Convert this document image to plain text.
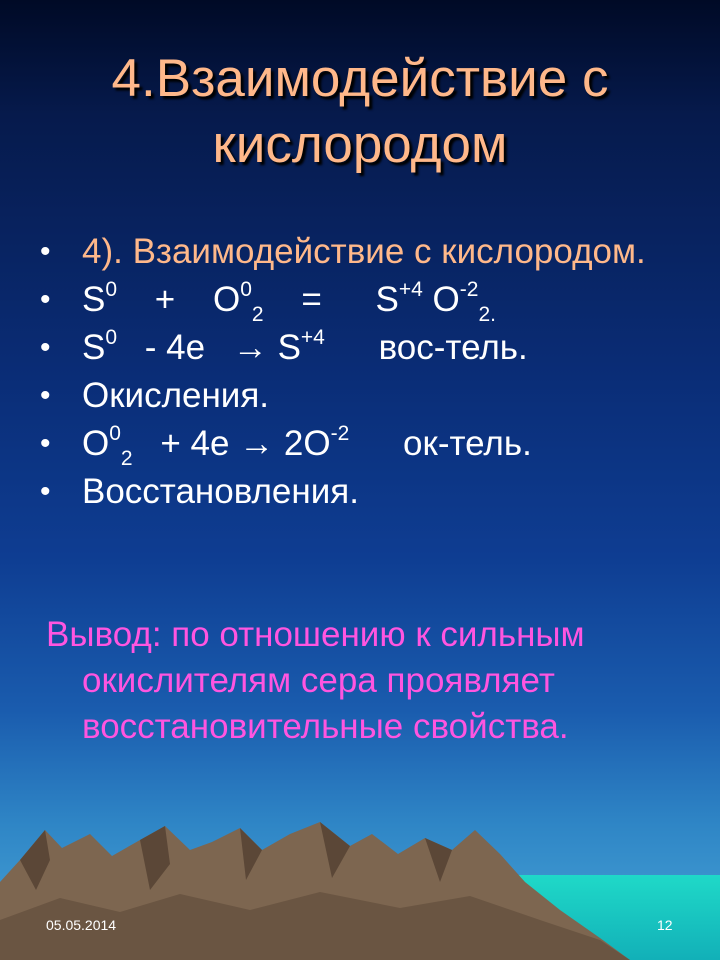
4.Взаимодействие с
кислородом
• 4). Взаимодействие с кислородом.
• $S^0 + O^0_2 = S^{+4}$ $O^{-2}_{2.}$
• $S^0 - 4e \to S^{+4}$ вос-тель.
• Окисления.
• $O^0_2 + 4e \to 2O^{-2}$ ок-тель.
• Восстановления.
Вывод: по отношению к сильным окислителям сера проявляет восстановительные свойства.
05.05.2014	12
